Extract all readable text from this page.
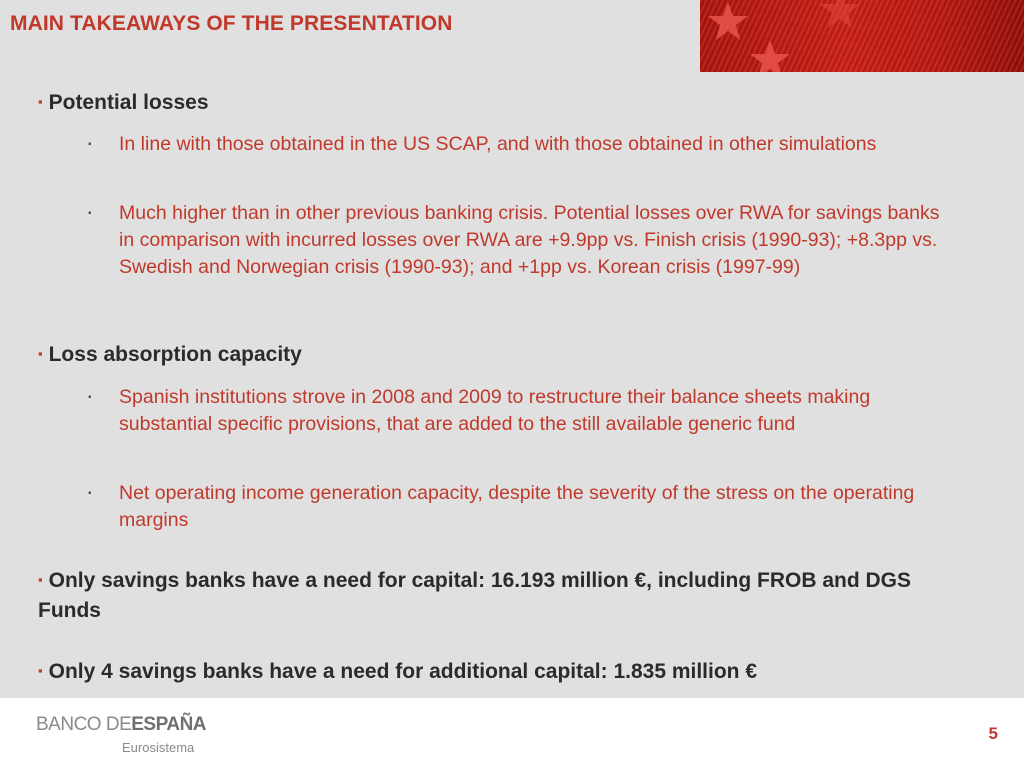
MAIN TAKEAWAYS OF THE PRESENTATION
▪ Potential losses
▪	In line with those obtained in the US SCAP, and with those obtained in other simulations
▪	Much higher than in other previous banking crisis. Potential losses over RWA for savings banks in comparison with incurred losses over RWA are +9.9pp vs. Finish crisis (1990-93); +8.3pp vs. Swedish and Norwegian crisis (1990-93); and +1pp vs. Korean crisis (1997-99)
▪ Loss absorption capacity
▪	Spanish institutions strove in 2008 and 2009 to restructure their balance sheets making substantial specific provisions, that are added to the still available generic fund
▪	Net operating income generation capacity, despite the severity of the stress on the operating margins
▪ Only savings banks have a need for capital: 16.193 million €, including FROB and DGS Funds
▪ Only 4 savings banks have a need for additional capital: 1.835 million €
BANCO DEESPAÑA
Eurosistema
5
